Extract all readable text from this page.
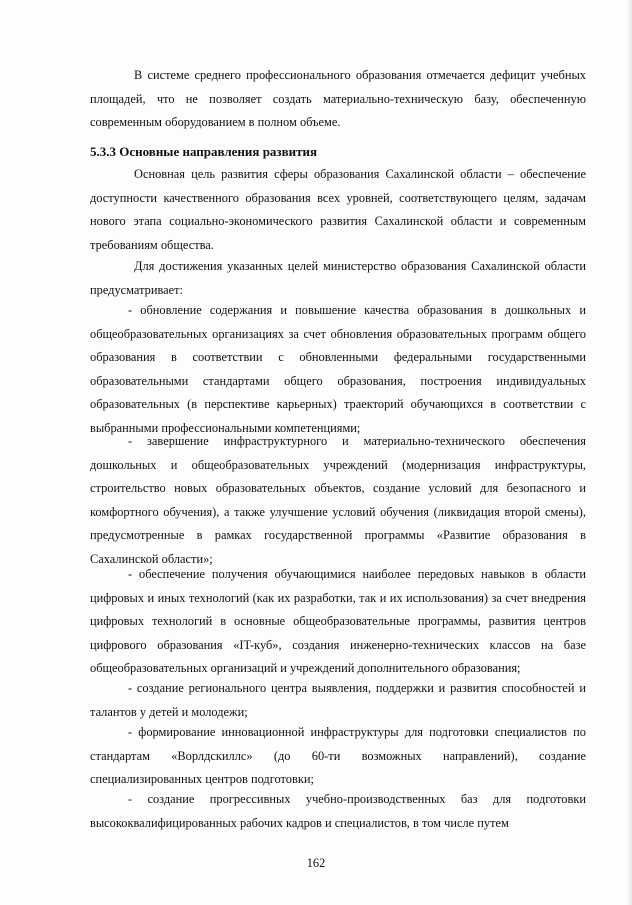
В системе среднего профессионального образования отмечается дефицит учебных площадей, что не позволяет создать материально-техническую базу, обеспеченную современным оборудованием в полном объеме.

5.3.3 Основные направления развития

Основная цель развития сферы образования Сахалинской области – обеспечение доступности качественного образования всех уровней, соответствующего целям, задачам нового этапа социально-экономического развития Сахалинской области и современным требованиям общества.

Для достижения указанных целей министерство образования Сахалинской области предусматривает:

- обновление содержания и повышение качества образования в дошкольных и общеобразовательных организациях за счет обновления образовательных программ общего образования в соответствии с обновленными федеральными государственными образовательными стандартами общего образования, построения индивидуальных образовательных (в перспективе карьерных) траекторий обучающихся в соответствии с выбранными профессиональными компетенциями;

- завершение инфраструктурного и материально-технического обеспечения дошкольных и общеобразовательных учреждений (модернизация инфраструктуры, строительство новых образовательных объектов, создание условий для безопасного и комфортного обучения), а также улучшение условий обучения (ликвидация второй смены), предусмотренные в рамках государственной программы «Развитие образования в Сахалинской области»;

- обеспечение получения обучающимися наиболее передовых навыков в области цифровых и иных технологий (как их разработки, так и их использования) за счет внедрения цифровых технологий в основные общеобразовательные программы, развития центров цифрового образования «IT-куб», создания инженерно-технических классов на базе общеобразовательных организаций и учреждений дополнительного образования;

- создание регионального центра выявления, поддержки и развития способностей и талантов у детей и молодежи;

- формирование инновационной инфраструктуры для подготовки специалистов по стандартам «Ворлдскиллс» (до 60-ти возможных направлений), создание специализированных центров подготовки;

- создание прогрессивных учебно-производственных баз для подготовки высококвалифицированных рабочих кадров и специалистов, в том числе путем

162
